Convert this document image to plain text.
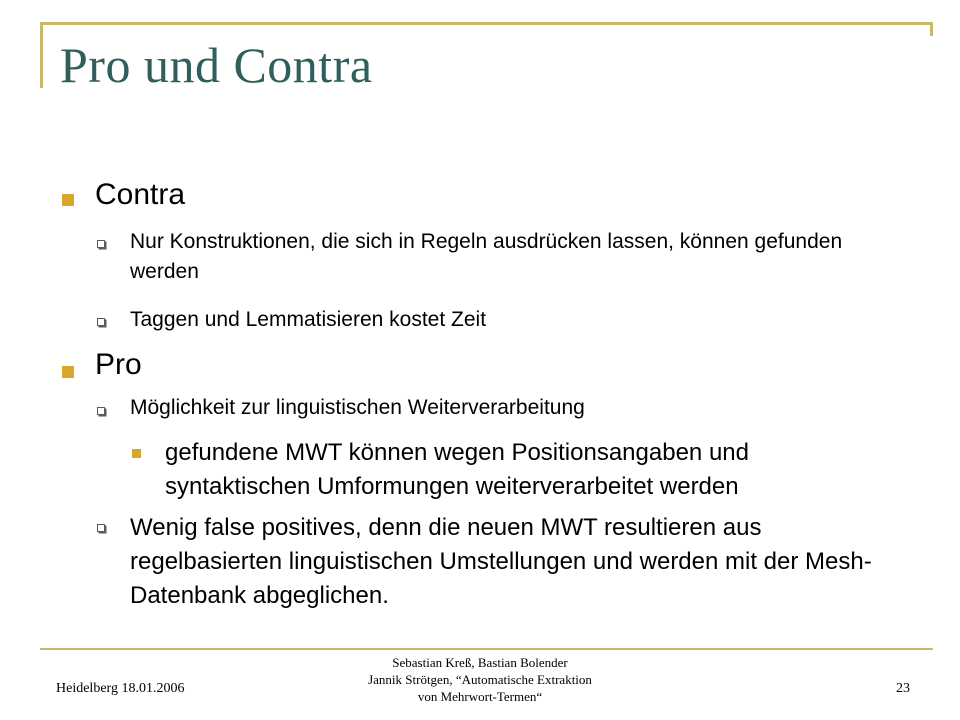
Pro und Contra
Contra
Nur Konstruktionen, die sich in Regeln ausdrücken lassen, können gefunden werden
Taggen und Lemmatisieren kostet Zeit
Pro
Möglichkeit zur linguistischen Weiterverarbeitung
gefundene MWT können wegen Positionsangaben und syntaktischen Umformungen weiterverarbeitet werden
Wenig false positives, denn die neuen MWT resultieren aus regelbasierten linguistischen Umstellungen und werden mit der Mesh-Datenbank abgeglichen.
Heidelberg 18.01.2006
Sebastian Kreß, Bastian Bolender
Jannik Strötgen, “Automatische Extraktion
von Mehrwort-Termen“
23
